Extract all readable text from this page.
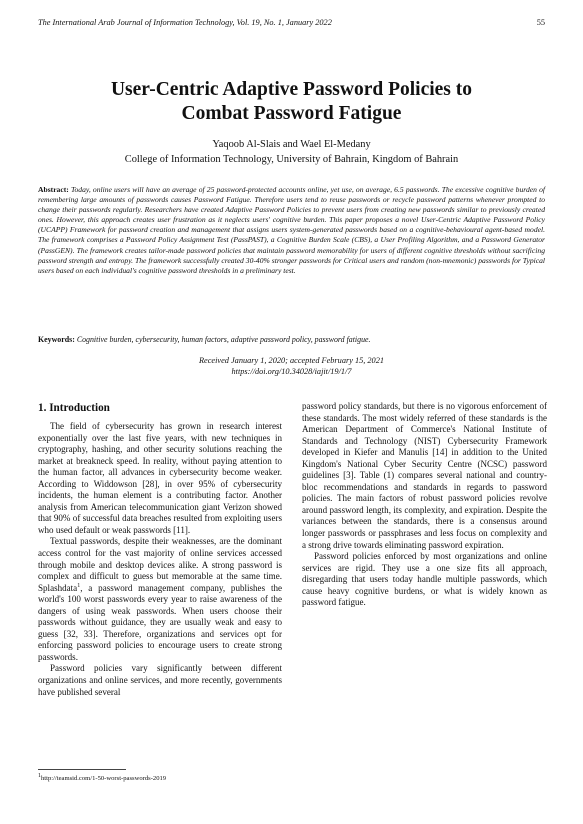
The International Arab Journal of Information Technology, Vol. 19, No. 1, January 2022	55
User-Centric Adaptive Password Policies to
Combat Password Fatigue
Yaqoob Al-Slais and Wael El-Medany
College of Information Technology, University of Bahrain, Kingdom of Bahrain
Abstract: Today, online users will have an average of 25 password-protected accounts online, yet use, on average, 6.5 passwords. The excessive cognitive burden of remembering large amounts of passwords causes Password Fatigue. Therefore users tend to reuse passwords or recycle password patterns whenever prompted to change their passwords regularly. Researchers have created Adaptive Password Policies to prevent users from creating new passwords similar to previously created ones. However, this approach creates user frustration as it neglects users' cognitive burden. This paper proposes a novel User-Centric Adaptive Password Policy (UCAPP) Framework for password creation and management that assigns users system-generated passwords based on a cognitive-behavioural agent-based model. The framework comprises a Password Policy Assignment Test (PassPAST), a Cognitive Burden Scale (CBS), a User Profiling Algorithm, and a Password Generator (PassGEN). The framework creates tailor-made password policies that maintain password memorability for users of different cognitive thresholds without sacrificing password strength and entropy. The framework successfully created 30-40% stronger passwords for Critical users and random (non-mnemonic) passwords for Typical users based on each individual's cognitive password thresholds in a preliminary test.
Keywords: Cognitive burden, cybersecurity, human factors, adaptive password policy, password fatigue.
Received January 1, 2020; accepted February 15, 2021
https://doi.org/10.34028/iajit/19/1/7
1. Introduction

The field of cybersecurity has grown in research interest exponentially over the last five years, with new techniques in cryptography, hashing, and other security solutions reaching the market at breakneck speed. In reality, without paying attention to the human factor, all advances in cybersecurity become weaker. According to Widdowson [28], in over 95% of cybersecurity incidents, the human element is a contributing factor. Another analysis from American telecommunication giant Verizon showed that 90% of successful data breaches resulted from exploiting users who used default or weak passwords [11].

Textual passwords, despite their weaknesses, are the dominant access control for the vast majority of online services accessed through mobile and desktop devices alike. A strong password is complex and difficult to guess but memorable at the same time. Splashdata$^1$, a password management company, publishes the world's 100 worst passwords every year to raise awareness of the dangers of using weak passwords. When users choose their passwords without guidance, they are usually weak and easy to guess [32, 33]. Therefore, organizations and services opt for enforcing password policies to encourage users to create strong passwords.

Password policies vary significantly between different organizations and online services, and more recently, governments have published several

password policy standards, but there is no vigorous enforcement of these standards. The most widely referred of these standards is the American Department of Commerce's National Institute of Standards and Technology (NIST) Cybersecurity Framework developed in Kiefer and Manulis [14] in addition to the United Kingdom's National Cyber Security Centre (NCSC) password guidelines [3]. Table (1) compares several national and country-bloc recommendations and standards in regards to password policies. The main factors of robust password policies revolve around password length, its complexity, and expiration. Despite the variances between the standards, there is a consensus around longer passwords or passphrases and less focus on complexity and a strong drive towards eliminating password expiration.

Password policies enforced by most organizations and online services are rigid. They use a one size fits all approach, disregarding that users today handle multiple passwords, which cause heavy cognitive burdens, or what is widely known as password fatigue.

$^1$http://teamsid.com/1-50-worst-passwords-2019
